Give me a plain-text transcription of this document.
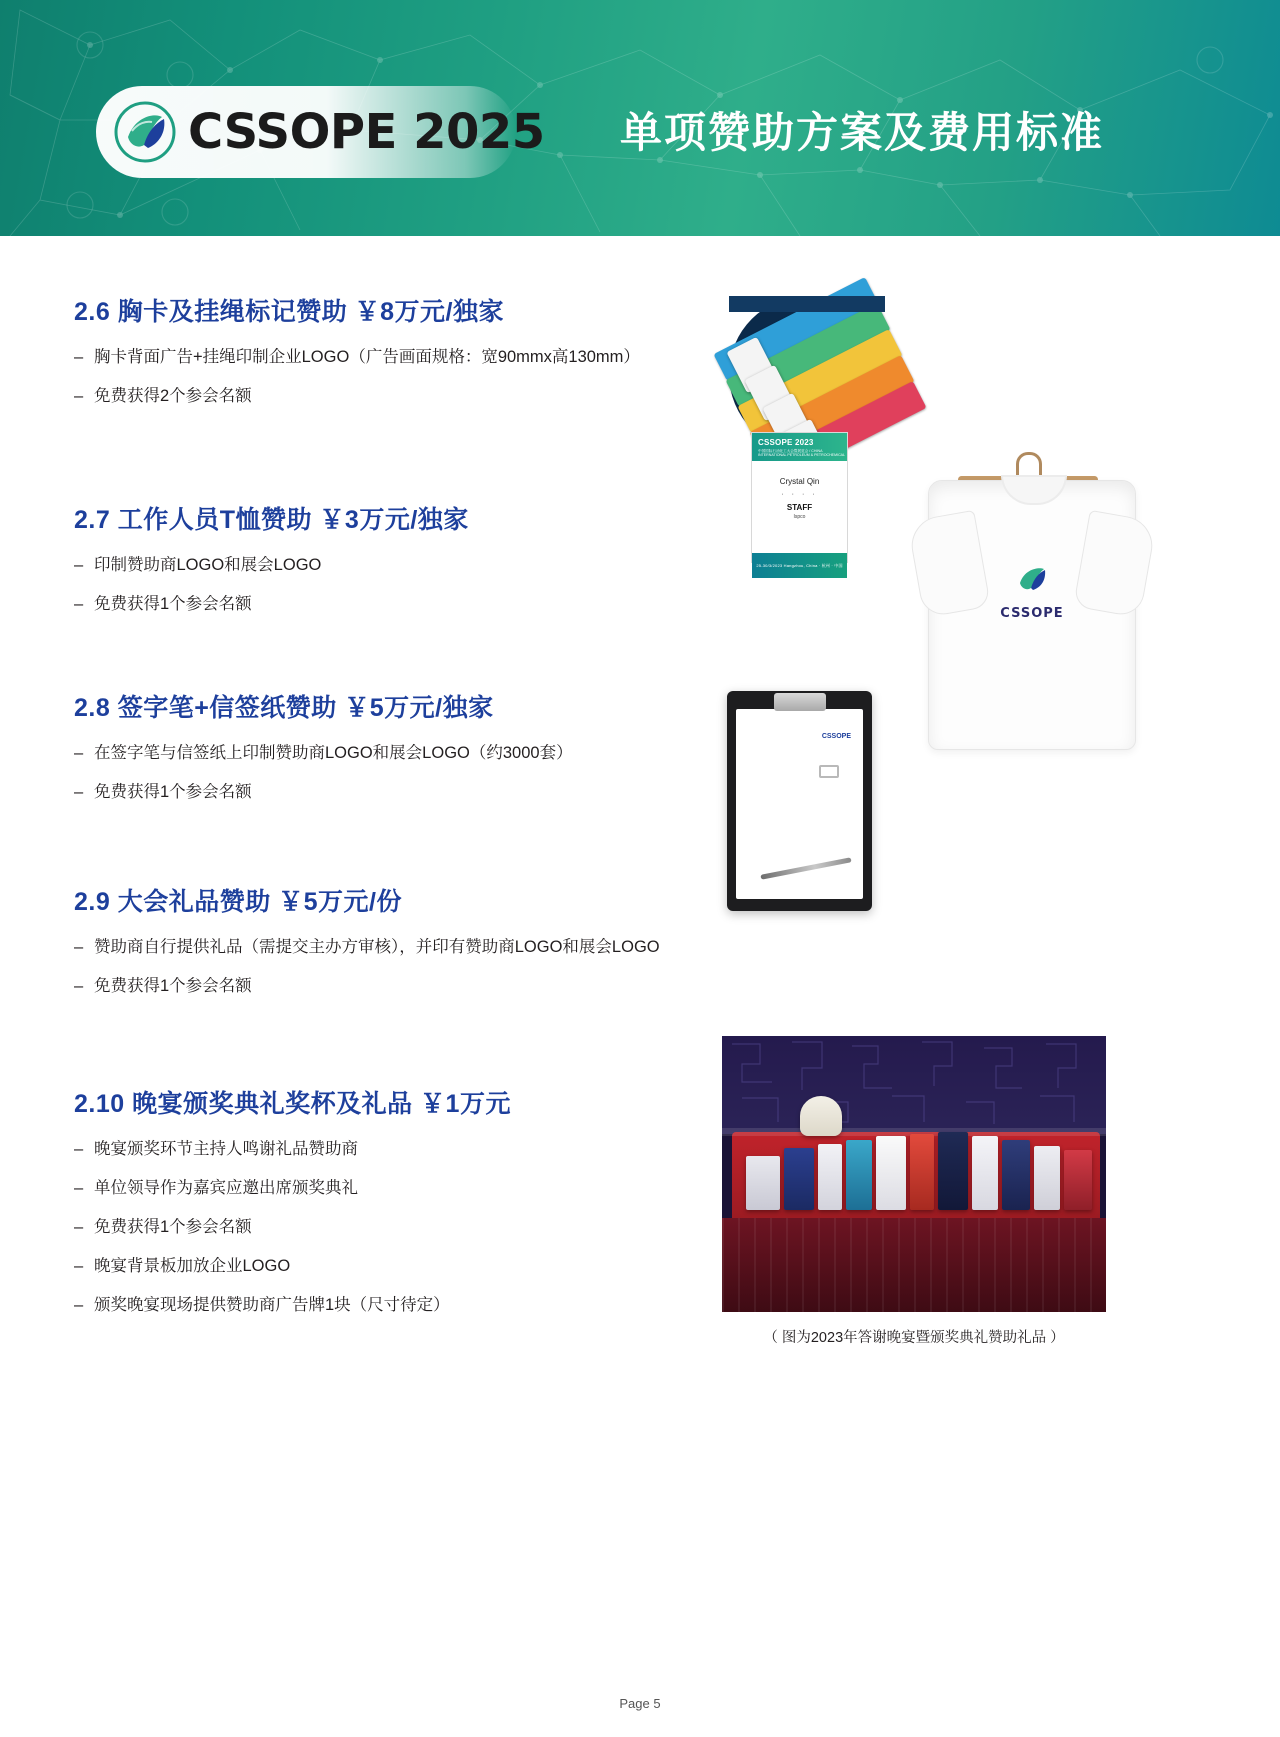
CSSOPE 2025 单项赞助方案及费用标准
2.6 胸卡及挂绳标记赞助 ￥8万元/独家
– 胸卡背面广告+挂绳印制企业LOGO（广告画面规格：宽90mmx高130mm）
– 免费获得2个参会名额
2.7 工作人员T恤赞助 ￥3万元/独家
– 印制赞助商LOGO和展会LOGO
– 免费获得1个参会名额
2.8 签字笔+信签纸赞助 ￥5万元/独家
– 在签字笔与信签纸上印制赞助商LOGO和展会LOGO（约3000套）
– 免费获得1个参会名额
2.9 大会礼品赞助 ￥5万元/份
– 赞助商自行提供礼品（需提交主办方审核），并印有赞助商LOGO和展会LOGO
– 免费获得1个参会名额
2.10 晚宴颁奖典礼奖杯及礼品 ￥1万元
– 晚宴颁奖环节主持人鸣谢礼品赞助商
– 单位领导作为嘉宾应邀出席颁奖典礼
– 免费获得1个参会名额
– 晚宴背景板加放企业LOGO
– 颁奖晚宴现场提供赞助商广告牌1块（尺寸待定）
CSSOPE 2023
中国国际石油化工大会暨展览会 / CHINA INTERNATIONAL PETROLEUM & PETROCHEMICAL
Crystal Qin
· · · ·
STAFF
Ispco
25-30/3/2023 Hangzhou, China · 杭州 · 中国
CSSOPE
CSSOPE
（ 图为2023年答谢晚宴暨颁奖典礼赞助礼品 ）
Page 5
